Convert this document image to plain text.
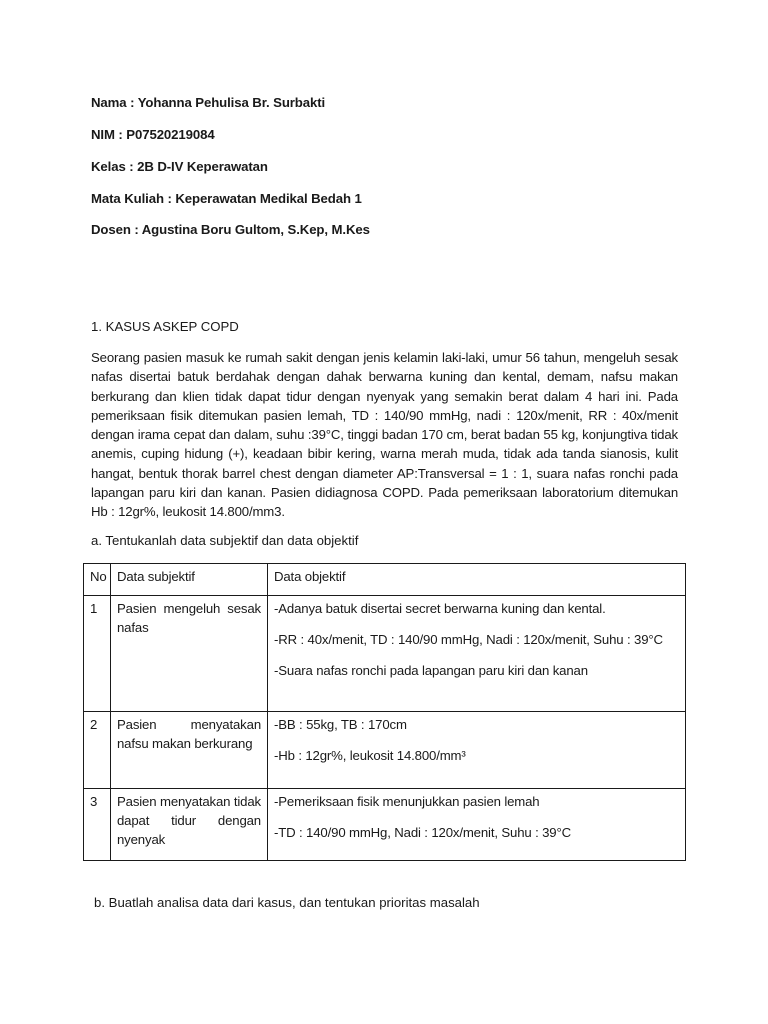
Nama : Yohanna Pehulisa Br. Surbakti

NIM : P07520219084

Kelas : 2B D-IV Keperawatan

Mata Kuliah : Keperawatan Medikal Bedah 1

Dosen : Agustina Boru Gultom, S.Kep, M.Kes

1. KASUS ASKEP COPD

Seorang pasien masuk ke rumah sakit dengan jenis kelamin laki-laki, umur 56 tahun, mengeluh sesak nafas disertai batuk berdahak dengan dahak berwarna kuning dan kental, demam, nafsu makan berkurang dan klien tidak dapat tidur dengan nyenyak yang semakin berat dalam 4 hari ini. Pada pemeriksaan fisik ditemukan pasien lemah, TD : 140/90 mmHg, nadi : 120x/menit, RR : 40x/menit dengan irama cepat dan dalam, suhu :39°C, tinggi badan 170 cm, berat badan 55 kg, konjungtiva tidak anemis, cuping hidung (+), keadaan bibir kering, warna merah muda, tidak ada tanda sianosis, kulit hangat, bentuk thorak barrel chest dengan diameter AP:Transversal = 1 : 1, suara nafas ronchi pada lapangan paru kiri dan kanan. Pasien didiagnosa COPD. Pada pemeriksaan laboratorium ditemukan Hb : 12gr%, leukosit 14.800/mm3.

a. Tentukanlah data subjektif dan data objektif

No	Data subjektif	Data objektif
1	Pasien mengeluh sesak nafas	-Adanya batuk disertai secret berwarna kuning dan kental.

-RR : 40x/menit, TD : 140/90 mmHg, Nadi : 120x/menit, Suhu : 39°C

-Suara nafas ronchi pada lapangan paru kiri dan kanan

2	Pasien menyatakan nafsu makan berkurang	-BB : 55kg, TB : 170cm

-Hb : 12gr%, leukosit 14.800/mm³

3	Pasien menyatakan tidak dapat tidur dengan nyenyak	-Pemeriksaan fisik menunjukkan pasien lemah

-TD : 140/90 mmHg, Nadi : 120x/menit, Suhu : 39°C

b. Buatlah analisa data dari kasus, dan tentukan prioritas masalah
